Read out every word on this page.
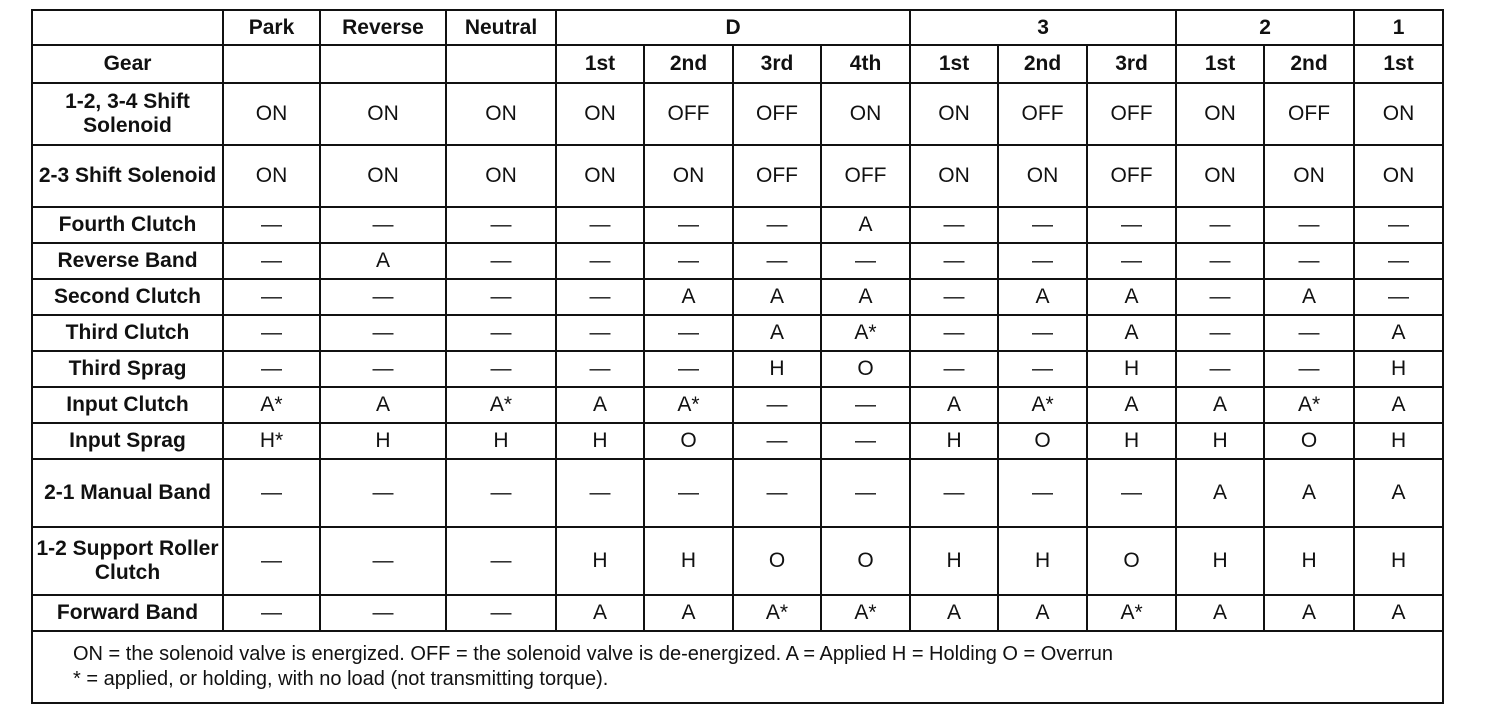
	Park	Reverse	Neutral	D				3			2		1
Gear				1st	2nd	3rd	4th	1st	2nd	3rd	1st	2nd	1st
1-2, 3-4 Shift Solenoid	ON	ON	ON	ON	OFF	OFF	ON	ON	OFF	OFF	ON	OFF	ON
2-3 Shift Solenoid	ON	ON	ON	ON	ON	OFF	OFF	ON	ON	OFF	ON	ON	ON
Fourth Clutch	—	—	—	—	—	—	A	—	—	—	—	—	—
Reverse Band	—	A	—	—	—	—	—	—	—	—	—	—	—
Second Clutch	—	—	—	—	A	A	A	—	A	A	—	A	—
Third Clutch	—	—	—	—	—	A	A*	—	—	A	—	—	A
Third Sprag	—	—	—	—	—	H	O	—	—	H	—	—	H
Input Clutch	A*	A	A*	A	A*	—	—	A	A*	A	A	A*	A
Input Sprag	H*	H	H	H	O	—	—	H	O	H	H	O	H
2-1 Manual Band	—	—	—	—	—	—	—	—	—	—	A	A	A
1-2 Support Roller Clutch	—	—	—	H	H	O	O	H	H	O	H	H	H
Forward Band	—	—	—	A	A	A*	A*	A	A	A*	A	A	A

ON = the solenoid valve is energized. OFF = the solenoid valve is de-energized. A = Applied H = Holding O = Overrun
* = applied, or holding, with no load (not transmitting torque).													
